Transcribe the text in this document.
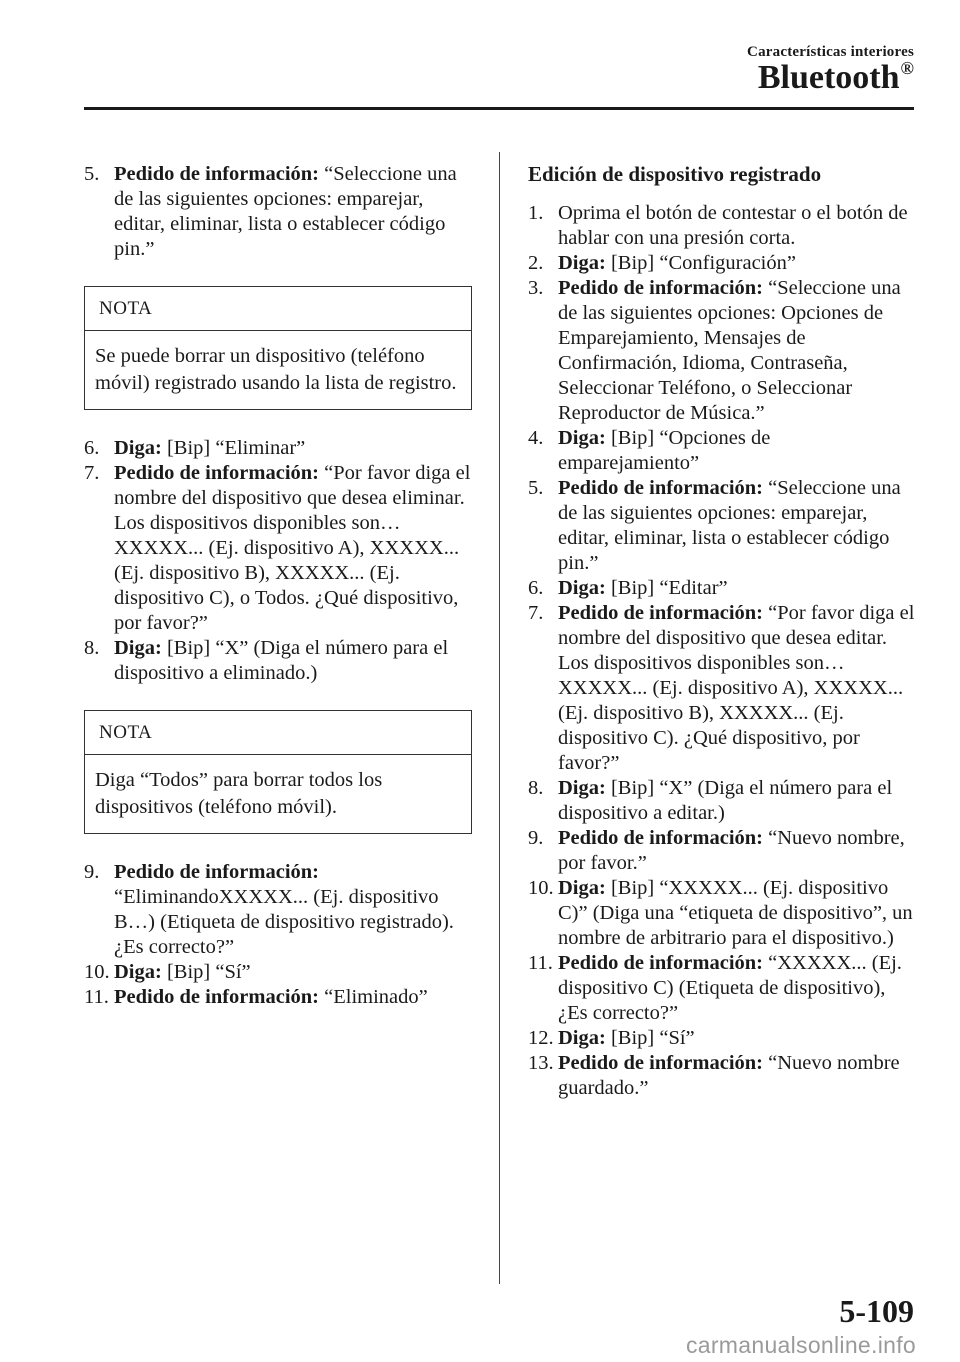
Características interiores
Bluetooth®
5. Pedido de información: “Seleccione una de las siguientes opciones: emparejar, editar, eliminar, lista o establecer código pin.”
NOTA
Se puede borrar un dispositivo (teléfono móvil) registrado usando la lista de registro.
6. Diga: [Bip] “Eliminar”
7. Pedido de información: “Por favor diga el nombre del dispositivo que desea eliminar. Los dispositivos disponibles son… XXXXX... (Ej. dispositivo A), XXXXX... (Ej. dispositivo B), XXXXX... (Ej. dispositivo C), o Todos. ¿Qué dispositivo, por favor?”
8. Diga: [Bip] “X” (Diga el número para el dispositivo a eliminado.)
NOTA
Diga “Todos” para borrar todos los dispositivos (teléfono móvil).
9. Pedido de información:
“EliminandoXXXXX... (Ej. dispositivo B…) (Etiqueta de dispositivo registrado). ¿Es correcto?”
10. Diga: [Bip] “Sí”
11. Pedido de información: “Eliminado”
Edición de dispositivo registrado
1. Oprima el botón de contestar o el botón de hablar con una presión corta.
2. Diga: [Bip] “Configuración”
3. Pedido de información: “Seleccione una de las siguientes opciones: Opciones de Emparejamiento, Mensajes de Confirmación, Idioma, Contraseña, Seleccionar Teléfono, o Seleccionar Reproductor de Música.”
4. Diga: [Bip] “Opciones de emparejamiento”
5. Pedido de información: “Seleccione una de las siguientes opciones: emparejar, editar, eliminar, lista o establecer código pin.”
6. Diga: [Bip] “Editar”
7. Pedido de información: “Por favor diga el nombre del dispositivo que desea editar. Los dispositivos disponibles son… XXXXX... (Ej. dispositivo A), XXXXX... (Ej. dispositivo B), XXXXX... (Ej. dispositivo C). ¿Qué dispositivo, por favor?”
8. Diga: [Bip] “X” (Diga el número para el dispositivo a editar.)
9. Pedido de información: “Nuevo nombre, por favor.”
10. Diga: [Bip] “XXXXX... (Ej. dispositivo C)” (Diga una “etiqueta de dispositivo”, un nombre de arbitrario para el dispositivo.)
11. Pedido de información: “XXXXX... (Ej. dispositivo C) (Etiqueta de dispositivo), ¿Es correcto?”
12. Diga: [Bip] “Sí”
13. Pedido de información: “Nuevo nombre guardado.”
5-109
carmanualsonline.info
